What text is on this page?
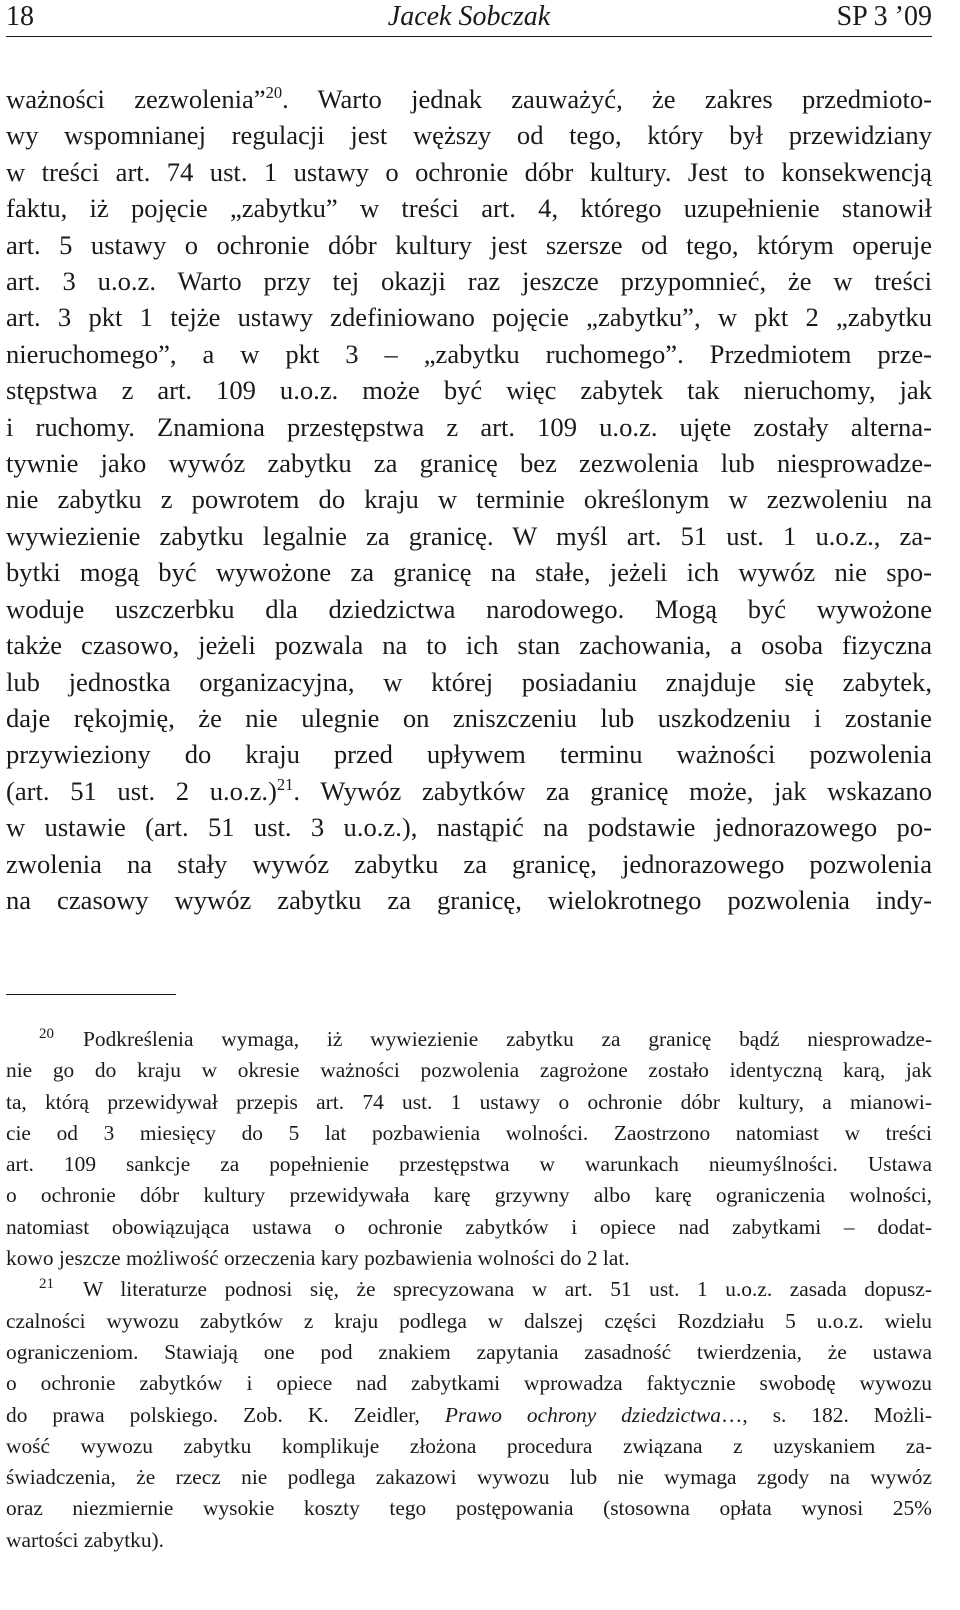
18	Jacek Sobczak	SP 3 ’09
ważności zezwolenia”$^{20}$. Warto jednak zauważyć, że zakres przedmioto-
wy wspomnianej regulacji jest węższy od tego, który był przewidziany
w treści art. 74 ust. 1 ustawy o ochronie dóbr kultury. Jest to konsekwencją
faktu, iż pojęcie „zabytku” w treści art. 4, którego uzupełnienie stanowił
art. 5 ustawy o ochronie dóbr kultury jest szersze od tego, którym operuje
art. 3 u.o.z. Warto przy tej okazji raz jeszcze przypomnieć, że w treści
art. 3 pkt 1 tejże ustawy zdefiniowano pojęcie „zabytku”, w pkt 2 „zabytku
nieruchomego”, a w pkt 3 – „zabytku ruchomego”. Przedmiotem prze-
stępstwa z art. 109 u.o.z. może być więc zabytek tak nieruchomy, jak
i ruchomy. Znamiona przestępstwa z art. 109 u.o.z. ujęte zostały alterna-
tywnie jako wywóz zabytku za granicę bez zezwolenia lub niesprowadze-
nie zabytku z powrotem do kraju w terminie określonym w zezwoleniu na
wywiezienie zabytku legalnie za granicę. W myśl art. 51 ust. 1 u.o.z., za-
bytki mogą być wywożone za granicę na stałe, jeżeli ich wywóz nie spo-
woduje uszczerbku dla dziedzictwa narodowego. Mogą być wywożone
także czasowo, jeżeli pozwala na to ich stan zachowania, a osoba fizyczna
lub jednostka organizacyjna, w której posiadaniu znajduje się zabytek,
daje rękojmię, że nie ulegnie on zniszczeniu lub uszkodzeniu i zostanie
przywieziony do kraju przed upływem terminu ważności pozwolenia
(art. 51 ust. 2 u.o.z.)$^{21}$. Wywóz zabytków za granicę może, jak wskazano
w ustawie (art. 51 ust. 3 u.o.z.), nastąpić na podstawie jednorazowego po-
zwolenia na stały wywóz zabytku za granicę, jednorazowego pozwolenia
na czasowy wywóz zabytku za granicę, wielokrotnego pozwolenia indy-
$^{20}$ Podkreślenia wymaga, iż wywiezienie zabytku za granicę bądź niesprowadze-
nie go do kraju w okresie ważności pozwolenia zagrożone zostało identyczną karą, jak
ta, którą przewidywał przepis art. 74 ust. 1 ustawy o ochronie dóbr kultury, a mianowi-
cie od 3 miesięcy do 5 lat pozbawienia wolności. Zaostrzono natomiast w treści
art. 109 sankcje za popełnienie przestępstwa w warunkach nieumyślności. Ustawa
o ochronie dóbr kultury przewidywała karę grzywny albo karę ograniczenia wolności,
natomiast obowiązująca ustawa o ochronie zabytków i opiece nad zabytkami – dodat-
kowo jeszcze możliwość orzeczenia kary pozbawienia wolności do 2 lat.
$^{21}$ W literaturze podnosi się, że sprecyzowana w art. 51 ust. 1 u.o.z. zasada dopusz-
czalności wywozu zabytków z kraju podlega w dalszej części Rozdziału 5 u.o.z. wielu
ograniczeniom. Stawiają one pod znakiem zapytania zasadność twierdzenia, że ustawa
o ochronie zabytków i opiece nad zabytkami wprowadza faktycznie swobodę wywozu
do prawa polskiego. Zob. K. Zeidler, Prawo ochrony dziedzictwa…, s. 182. Możli-
wość wywozu zabytku komplikuje złożona procedura związana z uzyskaniem za-
świadczenia, że rzecz nie podlega zakazowi wywozu lub nie wymaga zgody na wywóz
oraz niezmiernie wysokie koszty tego postępowania (stosowna opłata wynosi 25%
wartości zabytku).
